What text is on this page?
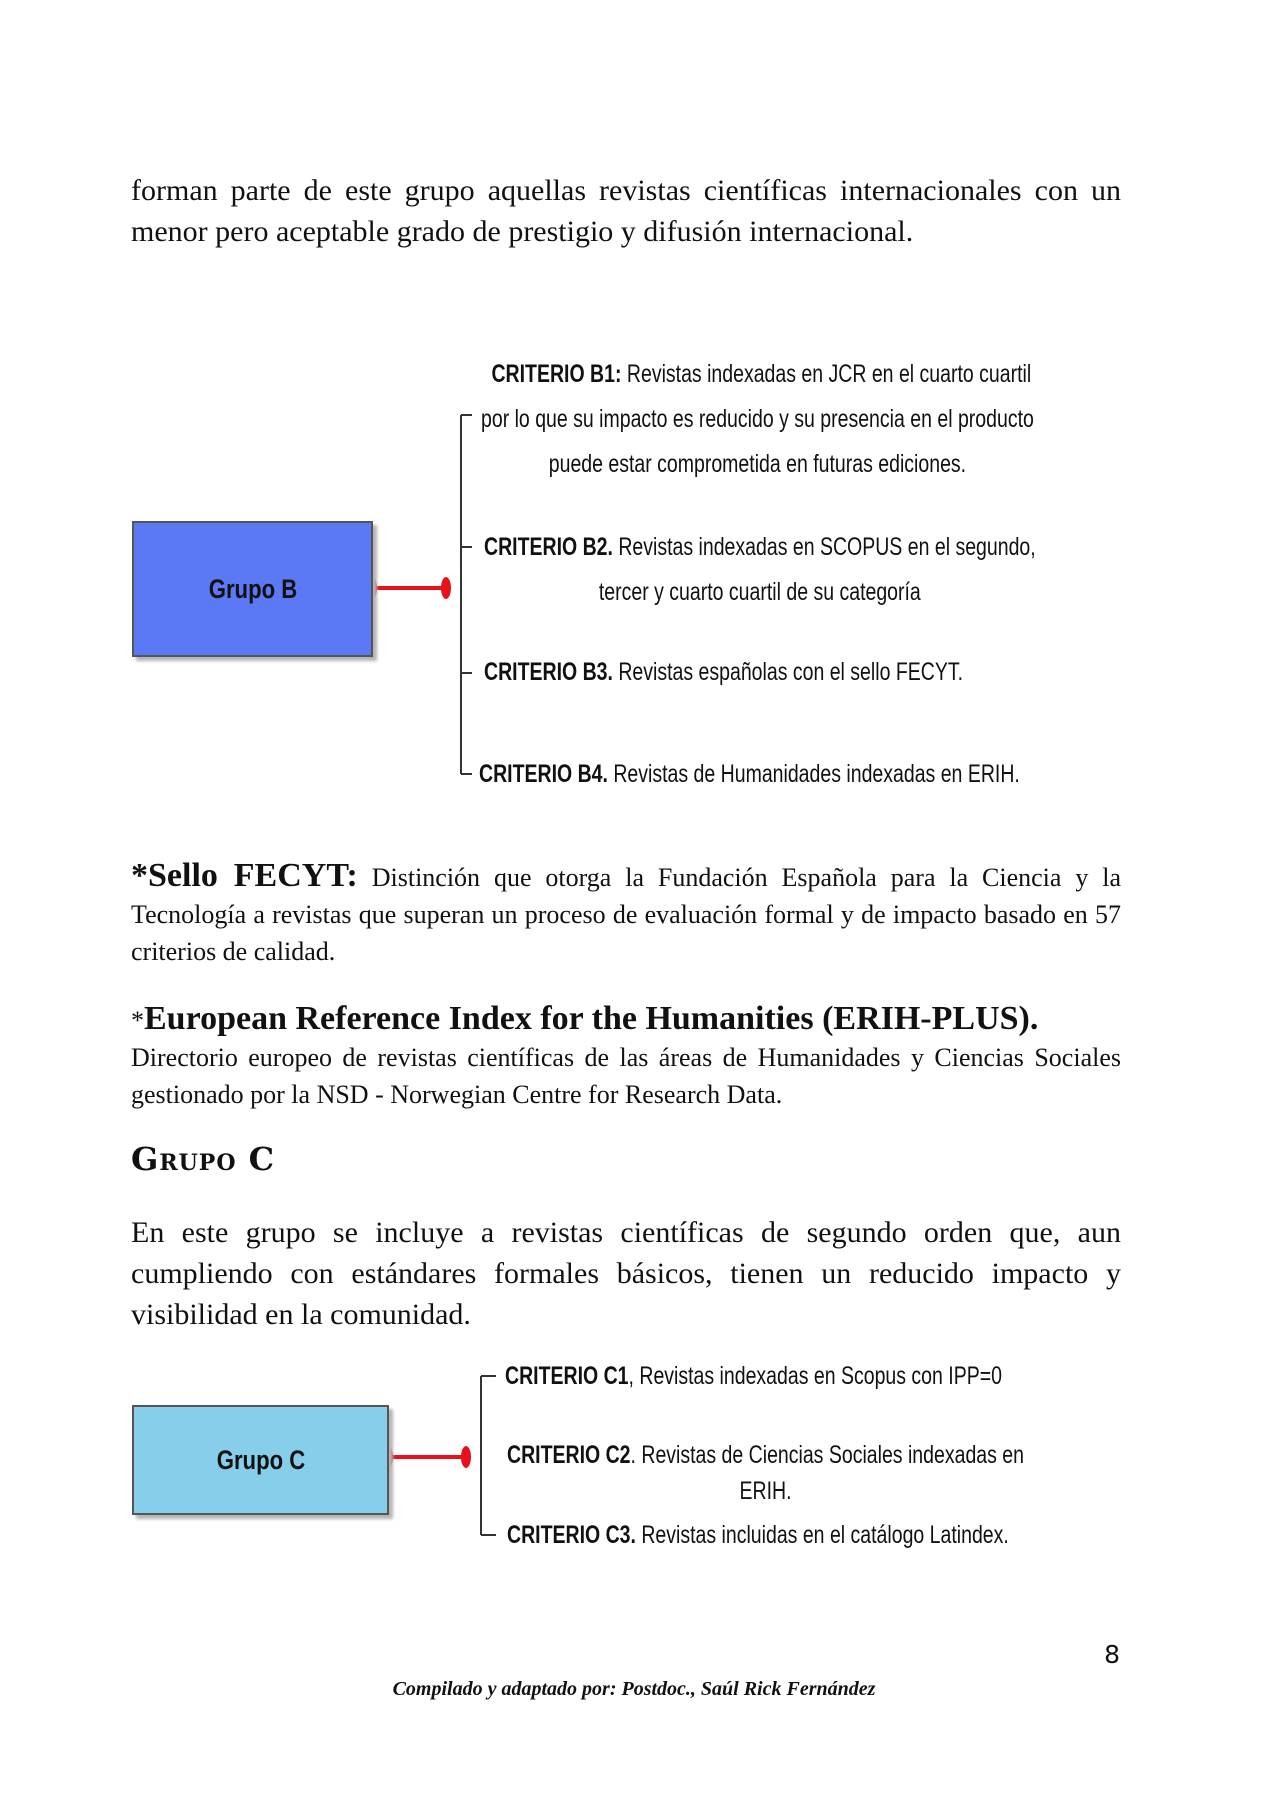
forman parte de este grupo aquellas revistas científicas internacionales con un menor pero aceptable grado de prestigio y difusión internacional.

Grupo B
CRITERIO B1: Revistas indexadas en JCR en el cuarto cuartil
por lo que su impacto es reducido y su presencia en el producto
puede estar comprometida en futuras ediciones.
CRITERIO B2. Revistas indexadas en SCOPUS en el segundo,
tercer y cuarto cuartil de su categoría
CRITERIO B3. Revistas españolas con el sello FECYT.
CRITERIO B4. Revistas de Humanidades indexadas en ERIH.

*Sello FECYT: Distinción que otorga la Fundación Española para la Ciencia y la Tecnología a revistas que superan un proceso de evaluación formal y de impacto basado en 57 criterios de calidad.

*European Reference Index for the Humanities (ERIH-PLUS).
Directorio europeo de revistas científicas de las áreas de Humanidades y Ciencias Sociales gestionado por la NSD - Norwegian Centre for Research Data.

Grupo C

En este grupo se incluye a revistas científicas de segundo orden que, aun cumpliendo con estándares formales básicos, tienen un reducido impacto y visibilidad en la comunidad.

Grupo C
CRITERIO C1, Revistas indexadas en Scopus con IPP=0
CRITERIO C2. Revistas de Ciencias Sociales indexadas en
ERIH.
CRITERIO C3. Revistas incluidas en el catálogo Latindex.
8
Compilado y adaptado por: Postdoc., Saúl Rick Fernández
